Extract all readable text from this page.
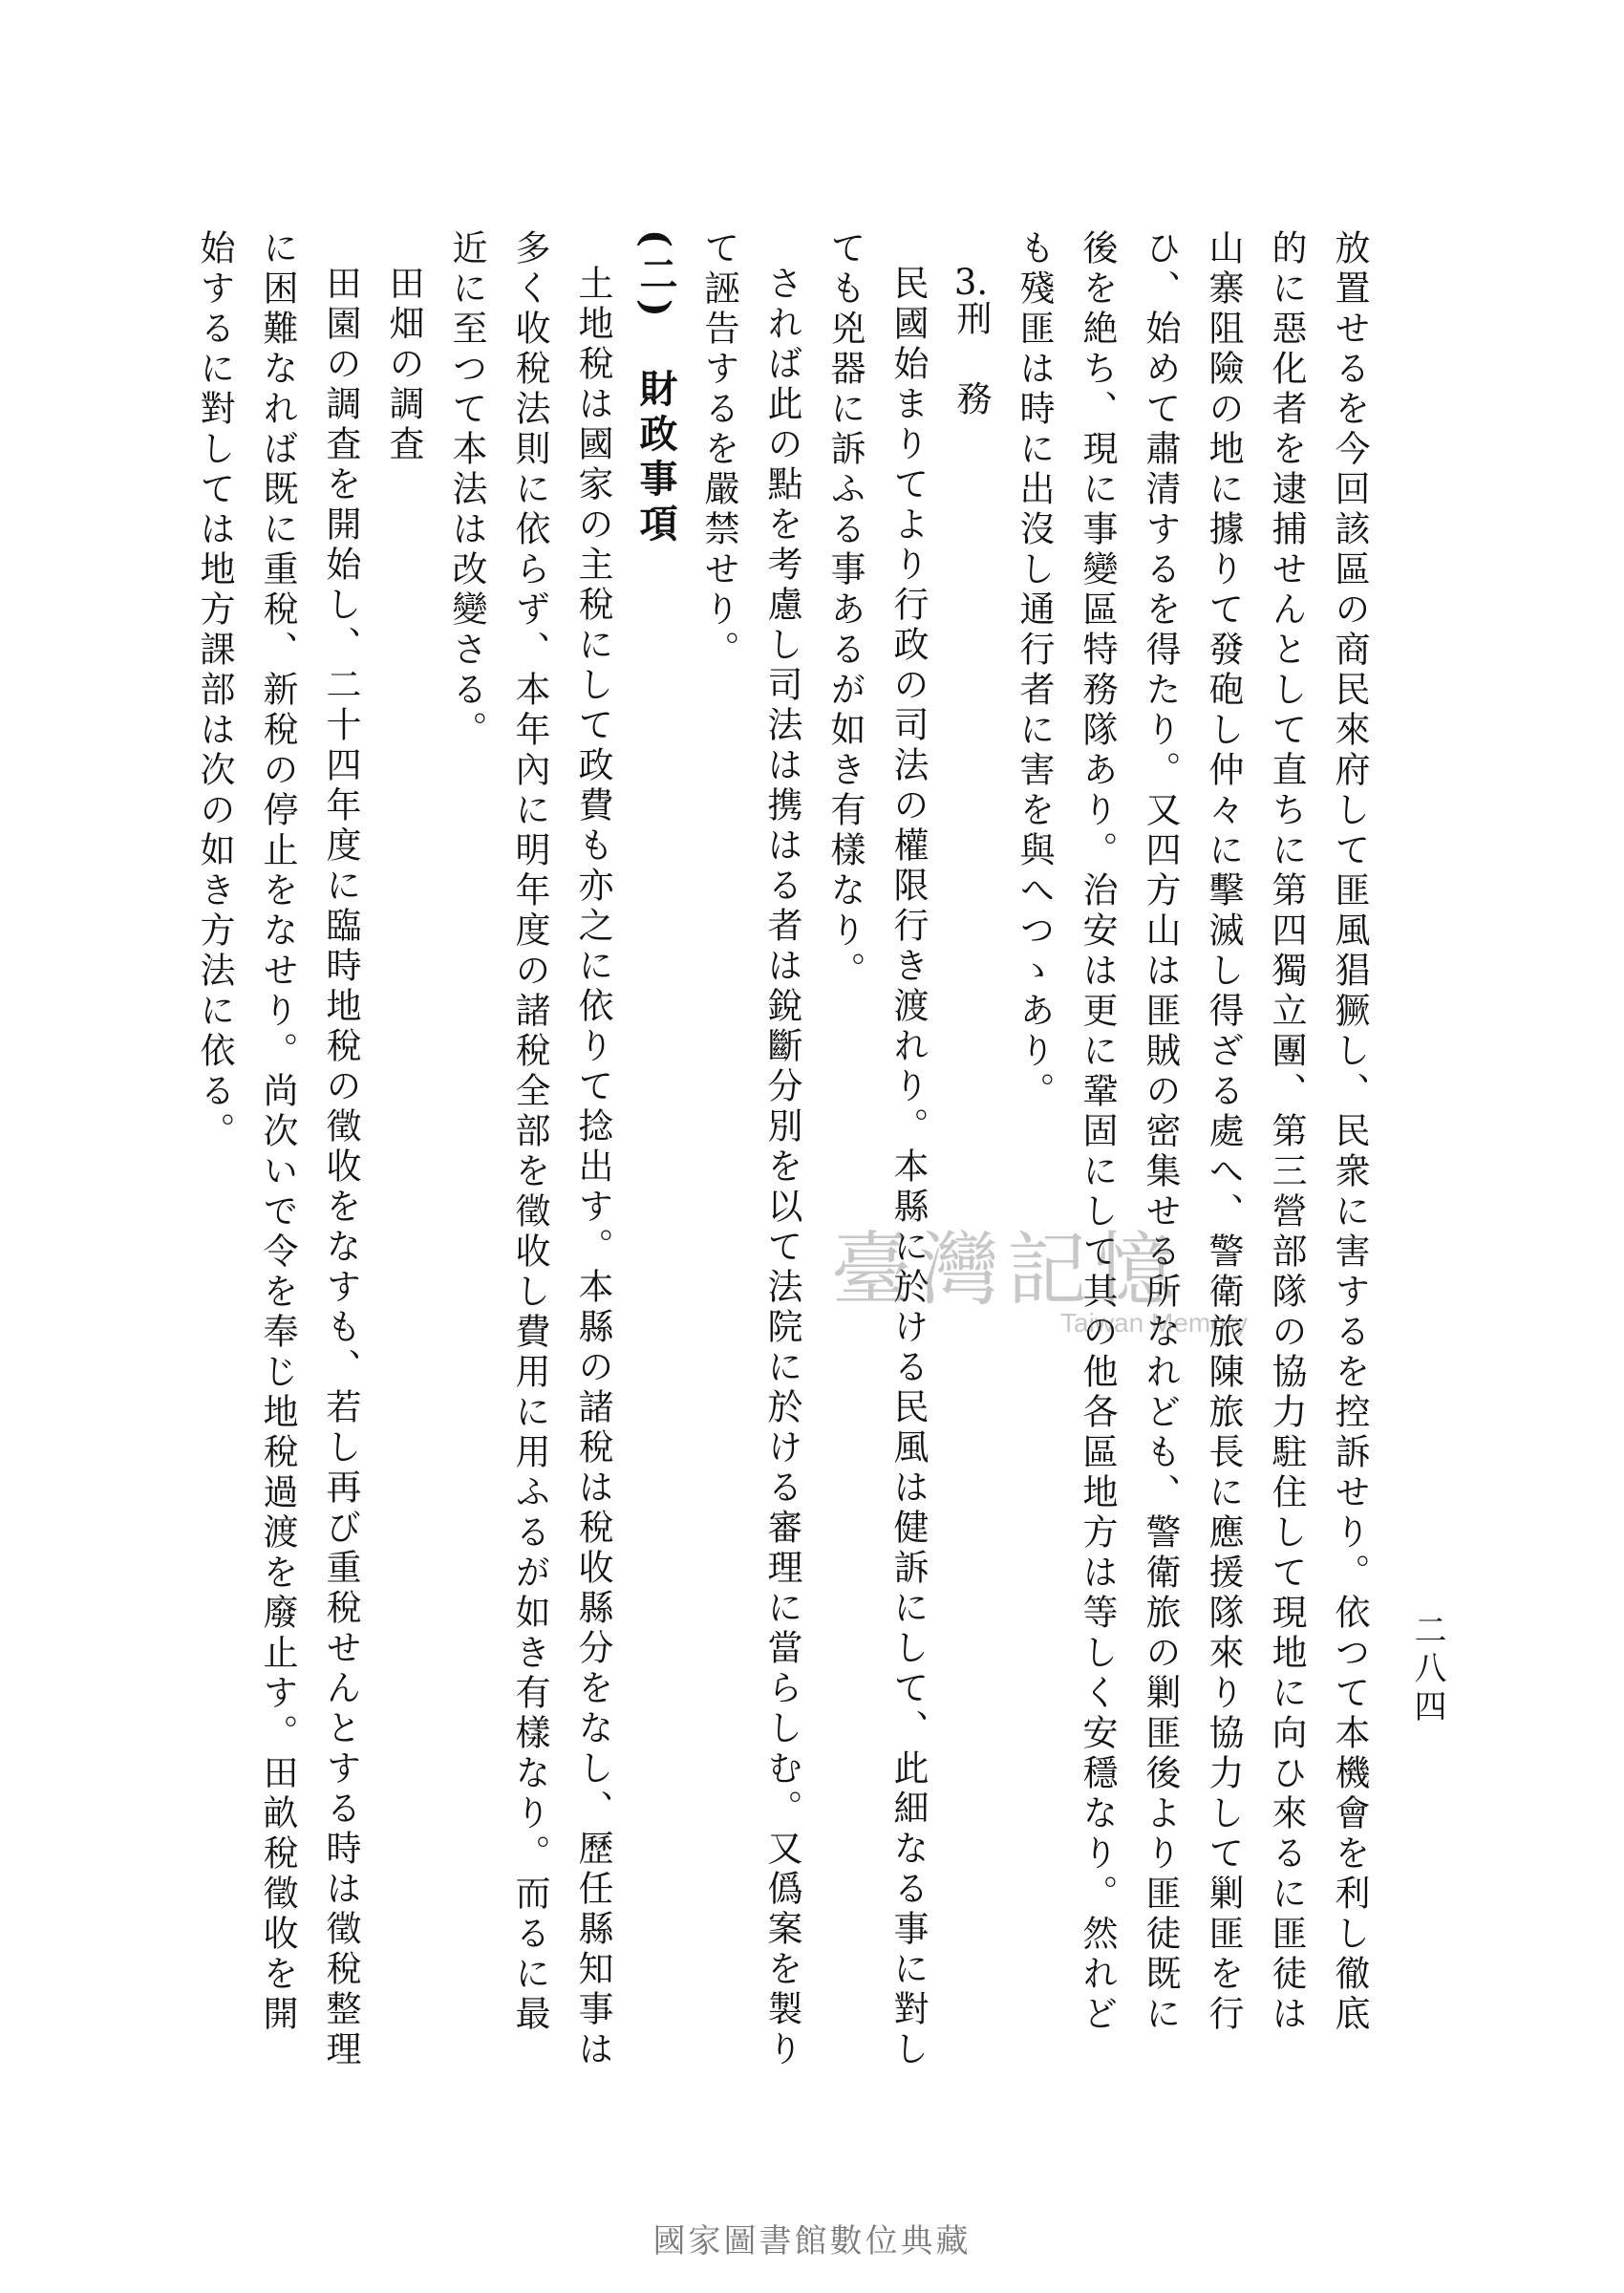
二八四

放置せるを今回該區の商民來府して匪風猖獗し、民衆に害するを控訴せり。依つて本機會を利し徹底的に惡化者を逮捕せんとして直ちに第四獨立團、第三營部隊の協力駐住して現地に向ひ來るに匪徒は山寨阻險の地に據りて發砲し仲々に擊滅し得ざる處へ、警衛旅陳旅長に應援隊來り協力して剿匪を行ひ、始めて肅清するを得たり。又四方山は匪賊の密集せる所なれども、警衛旅の剿匪後より匪徒既に後を絶ち、現に事變區特務隊あり。治安は更に鞏固にして其の他各區地方は等しく安穩なり。然れども殘匪は時に出沒し通行者に害を與へつゝあり。

3.刑　務

民國始まりてより行政の司法の權限行き渡れり。本縣に於ける民風は健訴にして、此細なる事に對しても兇器に訴ふる事あるが如き有樣なり。

されば此の點を考慮し司法は携はる者は銳斷分別を以て法院に於ける審理に當らしむ。又僞案を製りて誣告するを嚴禁せり。

(二)　財政事項

土地稅は國家の主稅にして政費も亦之に依りて捻出す。本縣の諸稅は稅收縣分をなし、歷任縣知事は多く收稅法則に依らず、本年內に明年度の諸稅全部を徵收し費用に用ふるが如き有樣なり。而るに最近に至つて本法は改變さる。

田畑の調査

田園の調査を開始し、二十四年度に臨時地稅の徵收をなすも、若し再び重稅せんとする時は徵稅整理に困難なれば既に重稅、新稅の停止をなせり。尚次いで令を奉じ地稅過渡を廢止す。田畝稅徵收を開始するに對しては地方課部は次の如き方法に依る。

臺灣記憶
Taiwan Memory
國家圖書館數位典藏
